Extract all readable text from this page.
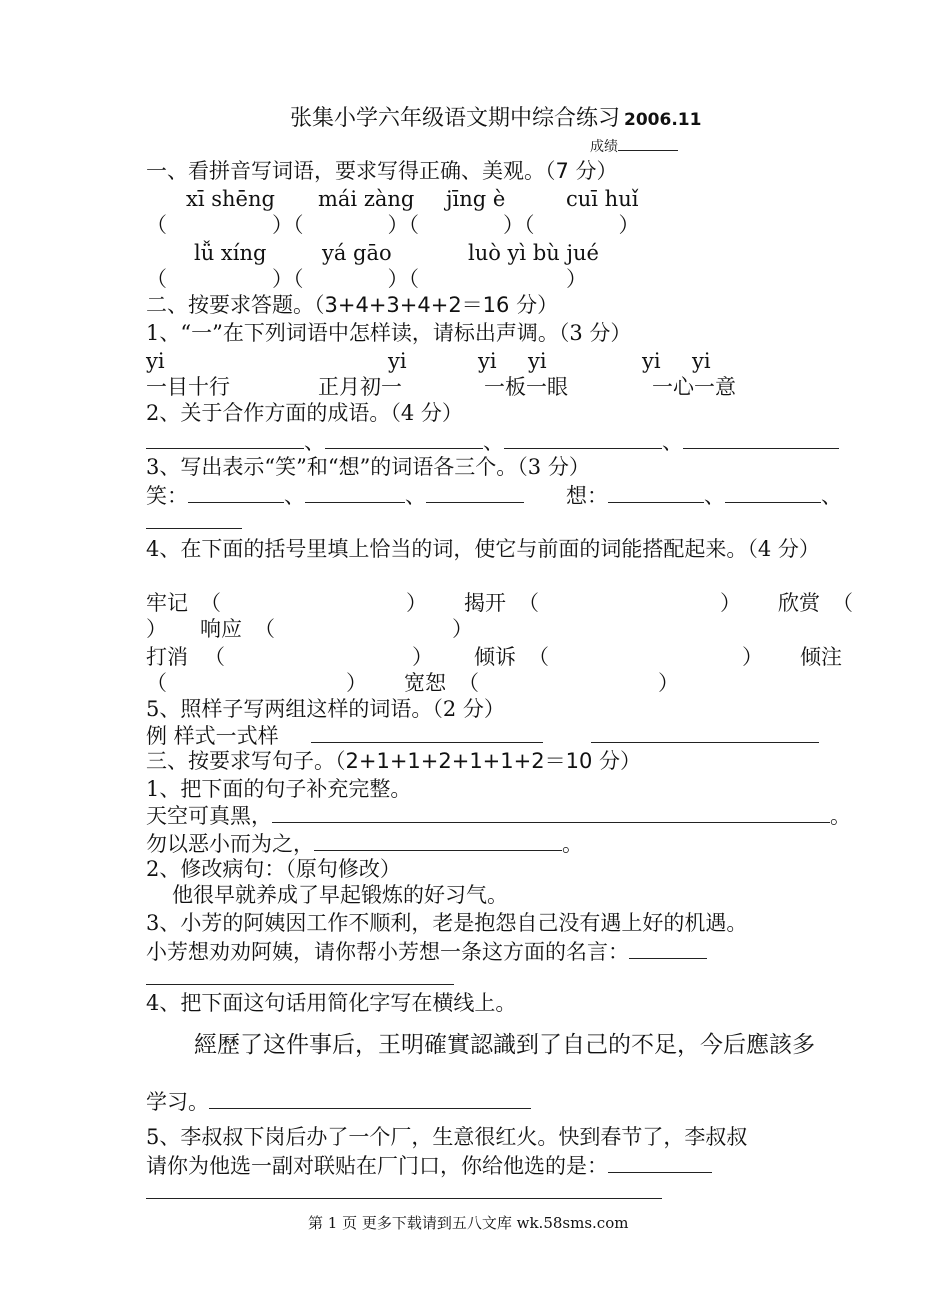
张集小学六年级语文期中综合练习 2006.11
成绩
一、看拼音写词语，要求写得正确、美观。（7 分）
xī shēng mái zàng jīng è	cuī huǐ
（　　　　　）（　　　　）（　　　　）（　　　　）
lǚ xíng	yá gāo	luò yì bù jué
（　　　　　）（　　　　）（　　　　　　　）
二、按要求答题。（3+4+3+4+2＝16 分）
1、“一”在下列词语中怎样读，请标出声调。（3 分）
yi	yi	yi yi	yi yi
一目十行	正月初一	一板一眼	一心一意
2、关于合作方面的成语。（4 分）
、	、	、
3、写出表示“笑”和“想”的词语各三个。（3 分）
笑：	、	、　　	想：	、	、
4、在下面的括号里填上恰当的词，使它与前面的词能搭配起来。（4 分）
牢记 （	） 揭开 （	） 欣赏 （
） 响应 （	）
打消 （	） 倾诉 （	） 倾注
（	） 宽恕 （	）
5、照样子写两组这样的词语。（2 分）
例 样式一式样
三、按要求写句子。（2+1+1+2+1+1+2＝10 分）
1、把下面的句子补充完整。
天空可真黑，	。
勿以恶小而为之，	。
2、修改病句：（原句修改）
他很早就养成了早起锻炼的好习气。
3、小芳的阿姨因工作不顺利，老是抱怨自己没有遇上好的机遇。
小芳想劝劝阿姨，请你帮小芳想一条这方面的名言：
4、把下面这句话用简化字写在横线上。
經歷了这件事后，王明確實認識到了自己的不足，今后應該多
学习。
5、李叔叔下岗后办了一个厂，生意很红火。快到春节了，李叔叔
请你为他选一副对联贴在厂门口，你给他选的是：
第 1 页 更多下载请到五八文库 wk.58sms.com
